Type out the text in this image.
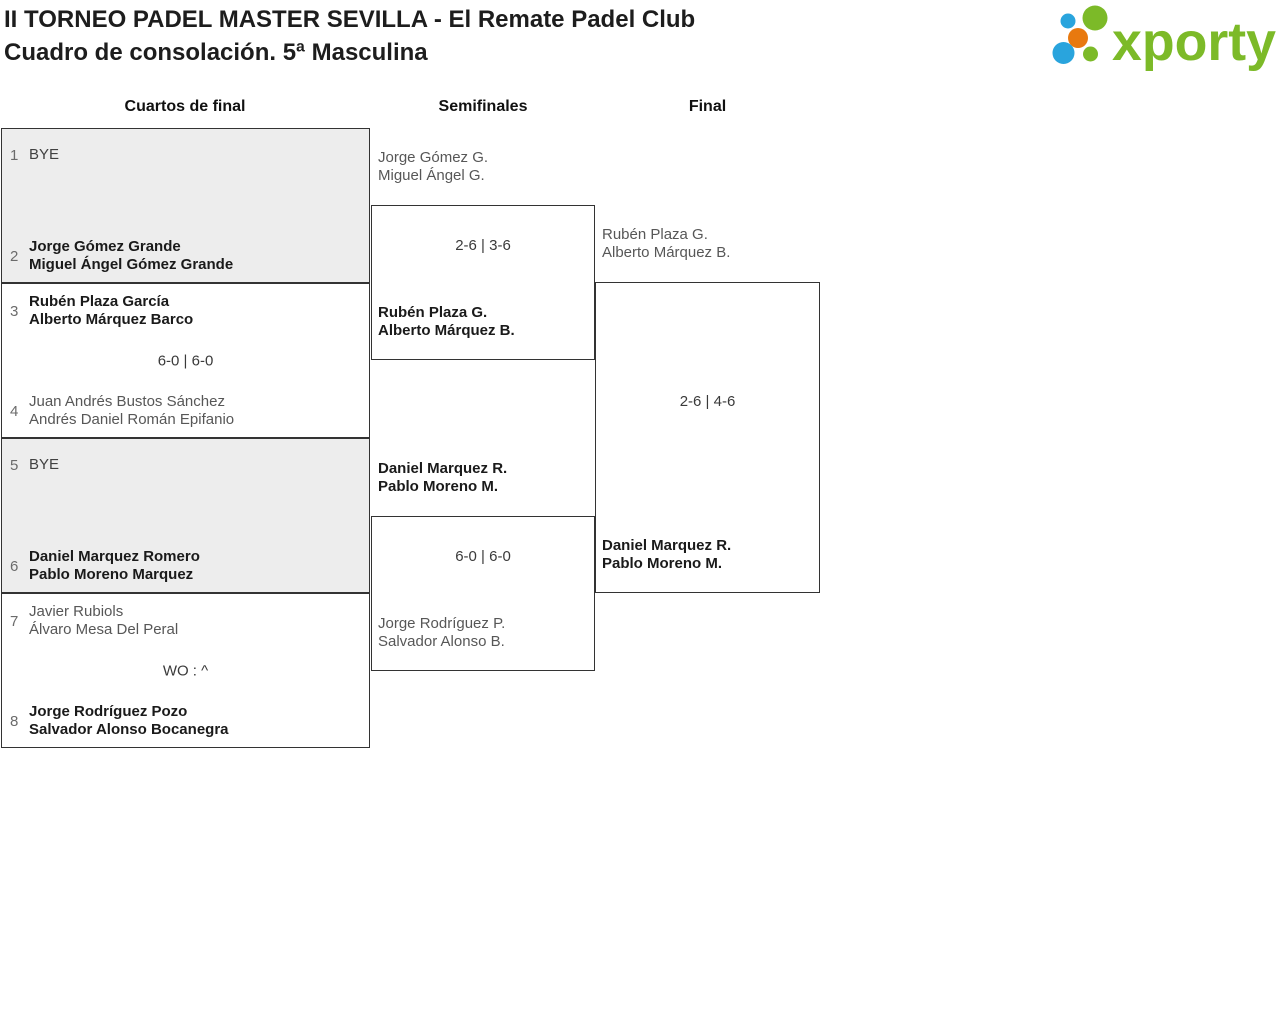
II TORNEO PADEL MASTER SEVILLA - El Remate Padel Club
Cuadro de consolación. 5ª Masculina	xporty
Cuartos de final	Semifinales	Final
1 BYE
2
Jorge Gómez Grande
Miguel Ángel Gómez Grande
3
Rubén Plaza García
Alberto Márquez Barco
6-0 | 6-0
4
Juan Andrés Bustos Sánchez
Andrés Daniel Román Epifanio
5 BYE
6
Daniel Marquez Romero
Pablo Moreno Marquez
7
Javier Rubiols
Álvaro Mesa Del Peral
WO : ^
8
Jorge Rodríguez Pozo
Salvador Alonso Bocanegra
Jorge Gómez G.
Miguel Ángel G.
2-6 | 3-6
Rubén Plaza G.
Alberto Márquez B.
Daniel Marquez R.
Pablo Moreno M.
6-0 | 6-0
Jorge Rodríguez P.
Salvador Alonso B.
Rubén Plaza G.
Alberto Márquez B.
2-6 | 4-6
Daniel Marquez R.
Pablo Moreno M.
